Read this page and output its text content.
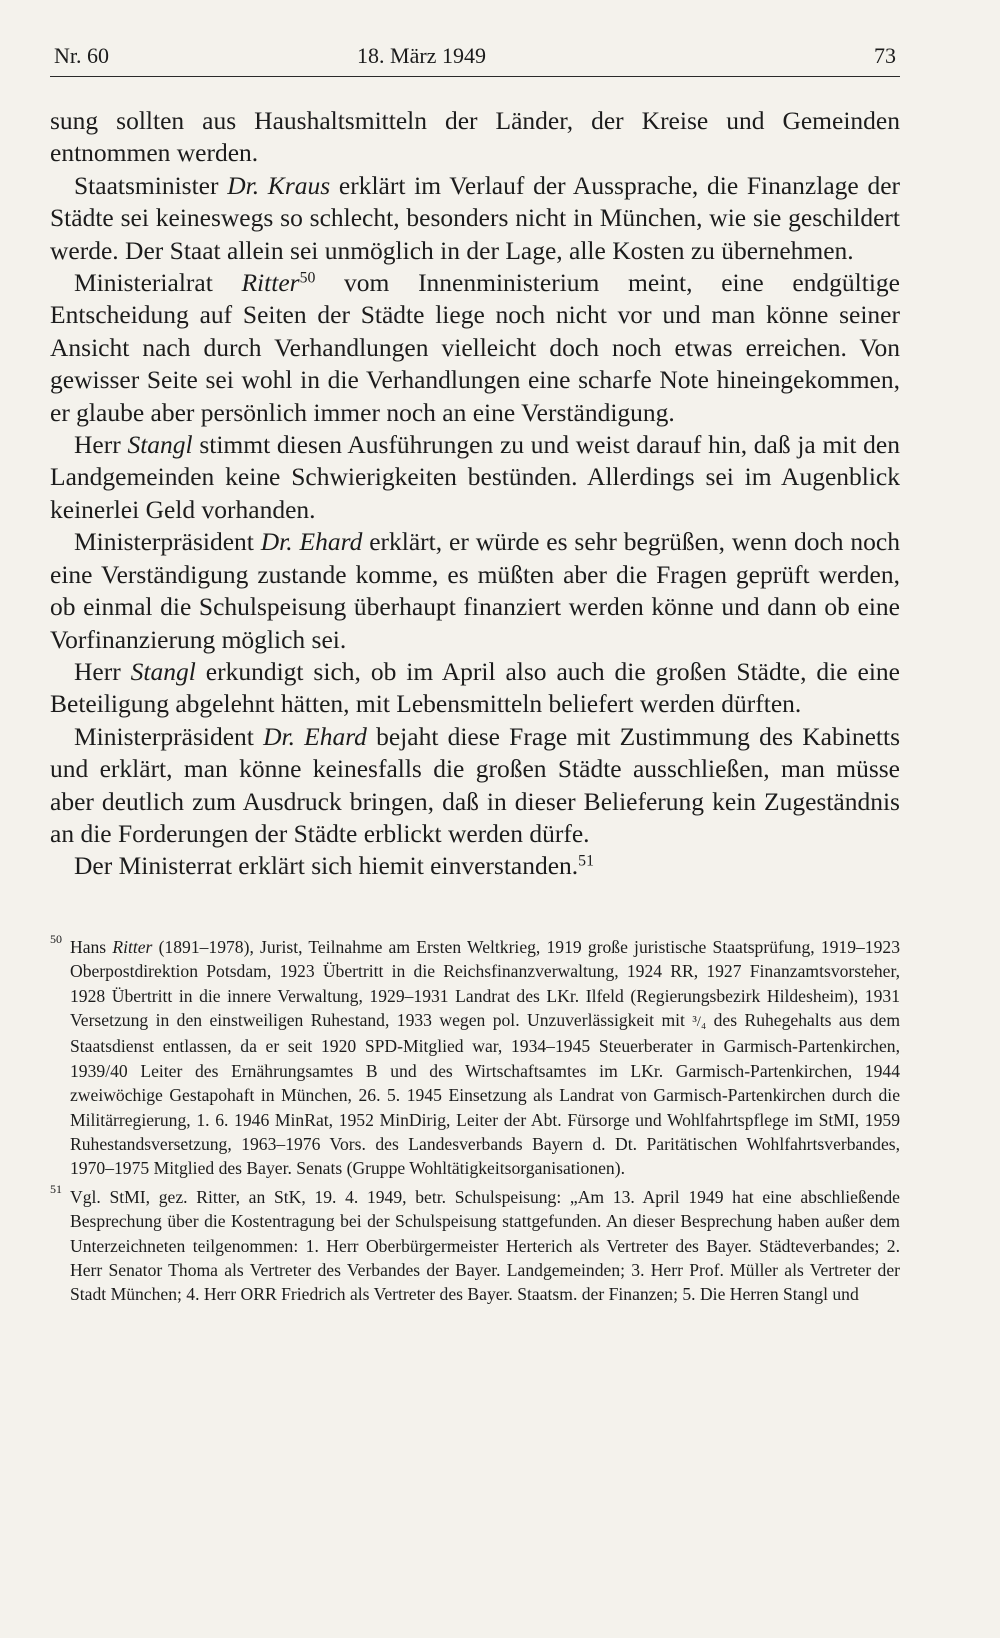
Nr. 60	18. März 1949	73

sung sollten aus Haushaltsmitteln der Länder, der Kreise und Gemeinden entnommen werden.

Staatsminister Dr. Kraus erklärt im Verlauf der Aussprache, die Finanzlage der Städte sei keineswegs so schlecht, besonders nicht in München, wie sie geschildert werde. Der Staat allein sei unmöglich in der Lage, alle Kosten zu übernehmen.

Ministerialrat Ritter$^{50}$ vom Innenministerium meint, eine endgültige Entscheidung auf Seiten der Städte liege noch nicht vor und man könne seiner Ansicht nach durch Verhandlungen vielleicht doch noch etwas erreichen. Von gewisser Seite sei wohl in die Verhandlungen eine scharfe Note hineingekommen, er glaube aber persönlich immer noch an eine Verständigung.

Herr Stangl stimmt diesen Ausführungen zu und weist darauf hin, daß ja mit den Landgemeinden keine Schwierigkeiten bestünden. Allerdings sei im Augenblick keinerlei Geld vorhanden.

Ministerpräsident Dr. Ehard erklärt, er würde es sehr begrüßen, wenn doch noch eine Verständigung zustande komme, es müßten aber die Fragen geprüft werden, ob einmal die Schulspeisung überhaupt finanziert werden könne und dann ob eine Vorfinanzierung möglich sei.

Herr Stangl erkundigt sich, ob im April also auch die großen Städte, die eine Beteiligung abgelehnt hätten, mit Lebensmitteln beliefert werden dürften.

Ministerpräsident Dr. Ehard bejaht diese Frage mit Zustimmung des Kabinetts und erklärt, man könne keinesfalls die großen Städte ausschließen, man müsse aber deutlich zum Ausdruck bringen, daß in dieser Belieferung kein Zugeständnis an die Forderungen der Städte erblickt werden dürfe.

Der Ministerrat erklärt sich hiemit einverstanden.$^{51}$

50 Hans Ritter (1891–1978), Jurist, Teilnahme am Ersten Weltkrieg, 1919 große juristische Staatsprüfung, 1919–1923 Oberpostdirektion Potsdam, 1923 Übertritt in die Reichsfinanzverwaltung, 1924 RR, 1927 Finanzamtsvorsteher, 1928 Übertritt in die innere Verwaltung, 1929–1931 Landrat des LKr. Ilfeld (Regierungsbezirk Hildesheim), 1931 Versetzung in den einstweiligen Ruhestand, 1933 wegen pol. Unzuverlässigkeit mit ³/₄ des Ruhegehalts aus dem Staatsdienst entlassen, da er seit 1920 SPD-Mitglied war, 1934–1945 Steuerberater in Garmisch-Partenkirchen, 1939/40 Leiter des Ernährungsamtes B und des Wirtschaftsamtes im LKr. Garmisch-Partenkirchen, 1944 zweiwöchige Gestapohaft in München, 26. 5. 1945 Einsetzung als Landrat von Garmisch-Partenkirchen durch die Militärregierung, 1. 6. 1946 MinRat, 1952 MinDirig, Leiter der Abt. Fürsorge und Wohlfahrtspflege im StMI, 1959 Ruhestandsversetzung, 1963–1976 Vors. des Landesverbands Bayern d. Dt. Paritätischen Wohlfahrtsverbandes, 1970–1975 Mitglied des Bayer. Senats (Gruppe Wohltätigkeitsorganisationen).

51 Vgl. StMI, gez. Ritter, an StK, 19. 4. 1949, betr. Schulspeisung: „Am 13. April 1949 hat eine abschließende Besprechung über die Kostentragung bei der Schulspeisung stattgefunden. An dieser Besprechung haben außer dem Unterzeichneten teilgenommen: 1. Herr Oberbürgermeister Herterich als Vertreter des Bayer. Städteverbandes; 2. Herr Senator Thoma als Vertreter des Verbandes der Bayer. Landgemeinden; 3. Herr Prof. Müller als Vertreter der Stadt München; 4. Herr ORR Friedrich als Vertreter des Bayer. Staatsm. der Finanzen; 5. Die Herren Stangl und
